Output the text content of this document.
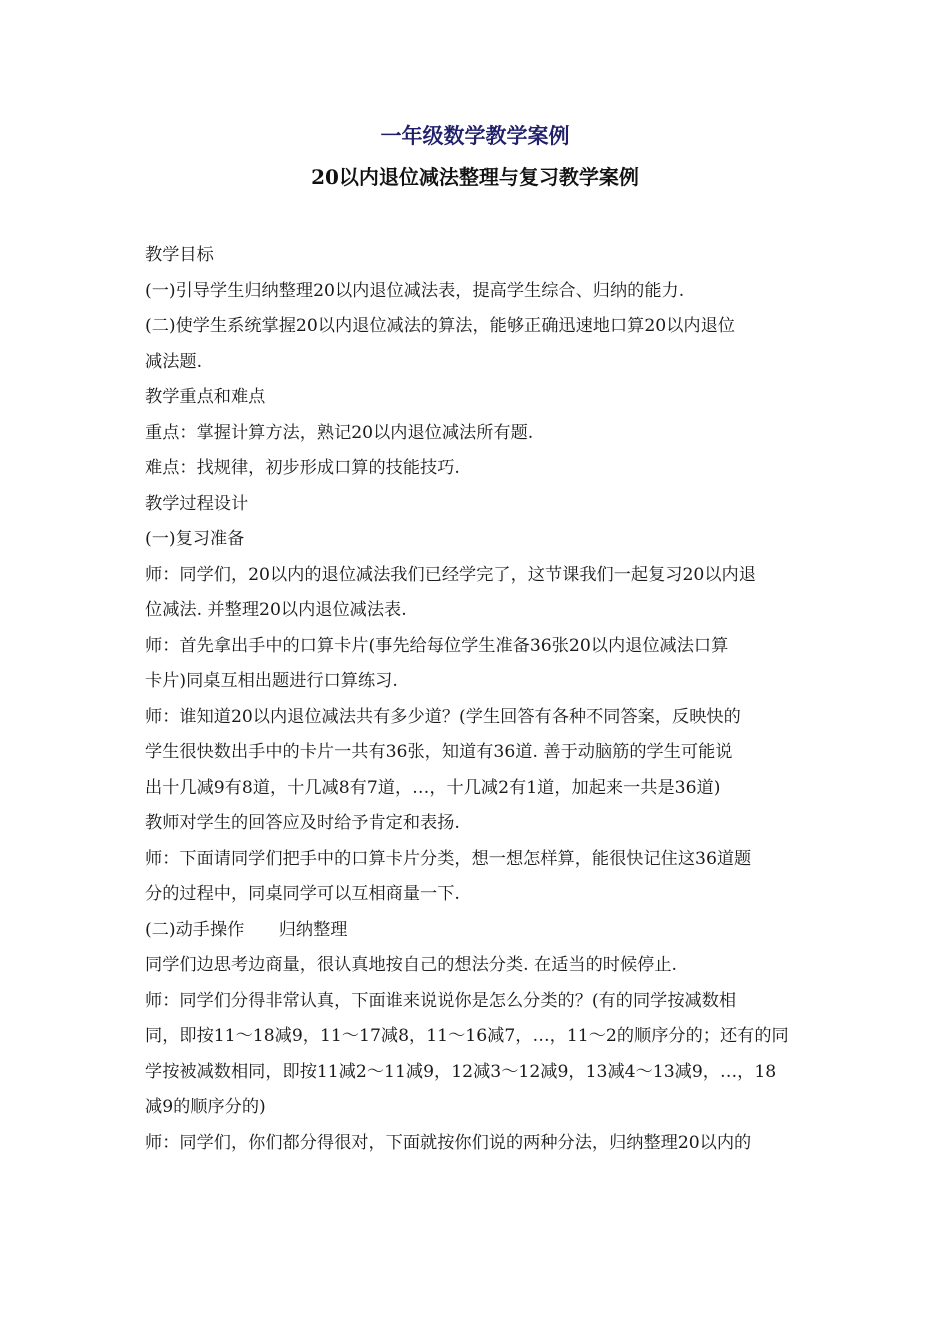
一年级数学教学案例
20以内退位减法整理与复习教学案例
教学目标
(一)引导学生归纳整理20以内退位减法表，提高学生综合、归纳的能力.
(二)使学生系统掌握20以内退位减法的算法，能够正确迅速地口算20以内退位
减法题.
教学重点和难点
重点：掌握计算方法，熟记20以内退位减法所有题.
难点：找规律，初步形成口算的技能技巧.
教学过程设计
(一)复习准备
师：同学们，20以内的退位减法我们已经学完了，这节课我们一起复习20以内退
位减法. 并整理20以内退位减法表.
师：首先拿出手中的口算卡片(事先给每位学生准备36张20以内退位减法口算
卡片)同桌互相出题进行口算练习.
师：谁知道20以内退位减法共有多少道？(学生回答有各种不同答案，反映快的
学生很快数出手中的卡片一共有36张，知道有36道. 善于动脑筋的学生可能说
出十几减9有8道，十几减8有7道，…，十几减2有1道，加起来一共是36道)
教师对学生的回答应及时给予肯定和表扬.
师：下面请同学们把手中的口算卡片分类，想一想怎样算，能很快记住这36道题
分的过程中，同桌同学可以互相商量一下.
(二)动手操作　　归纳整理
同学们边思考边商量，很认真地按自己的想法分类. 在适当的时候停止.
师：同学们分得非常认真，下面谁来说说你是怎么分类的？(有的同学按减数相
同，即按11～18减9，11～17减8，11～16减7，…，11～2的顺序分的；还有的同
学按被减数相同，即按11减2～11减9，12减3～12减9，13减4～13减9，…，18
减9的顺序分的)
师：同学们，你们都分得很对，下面就按你们说的两种分法，归纳整理20以内的
